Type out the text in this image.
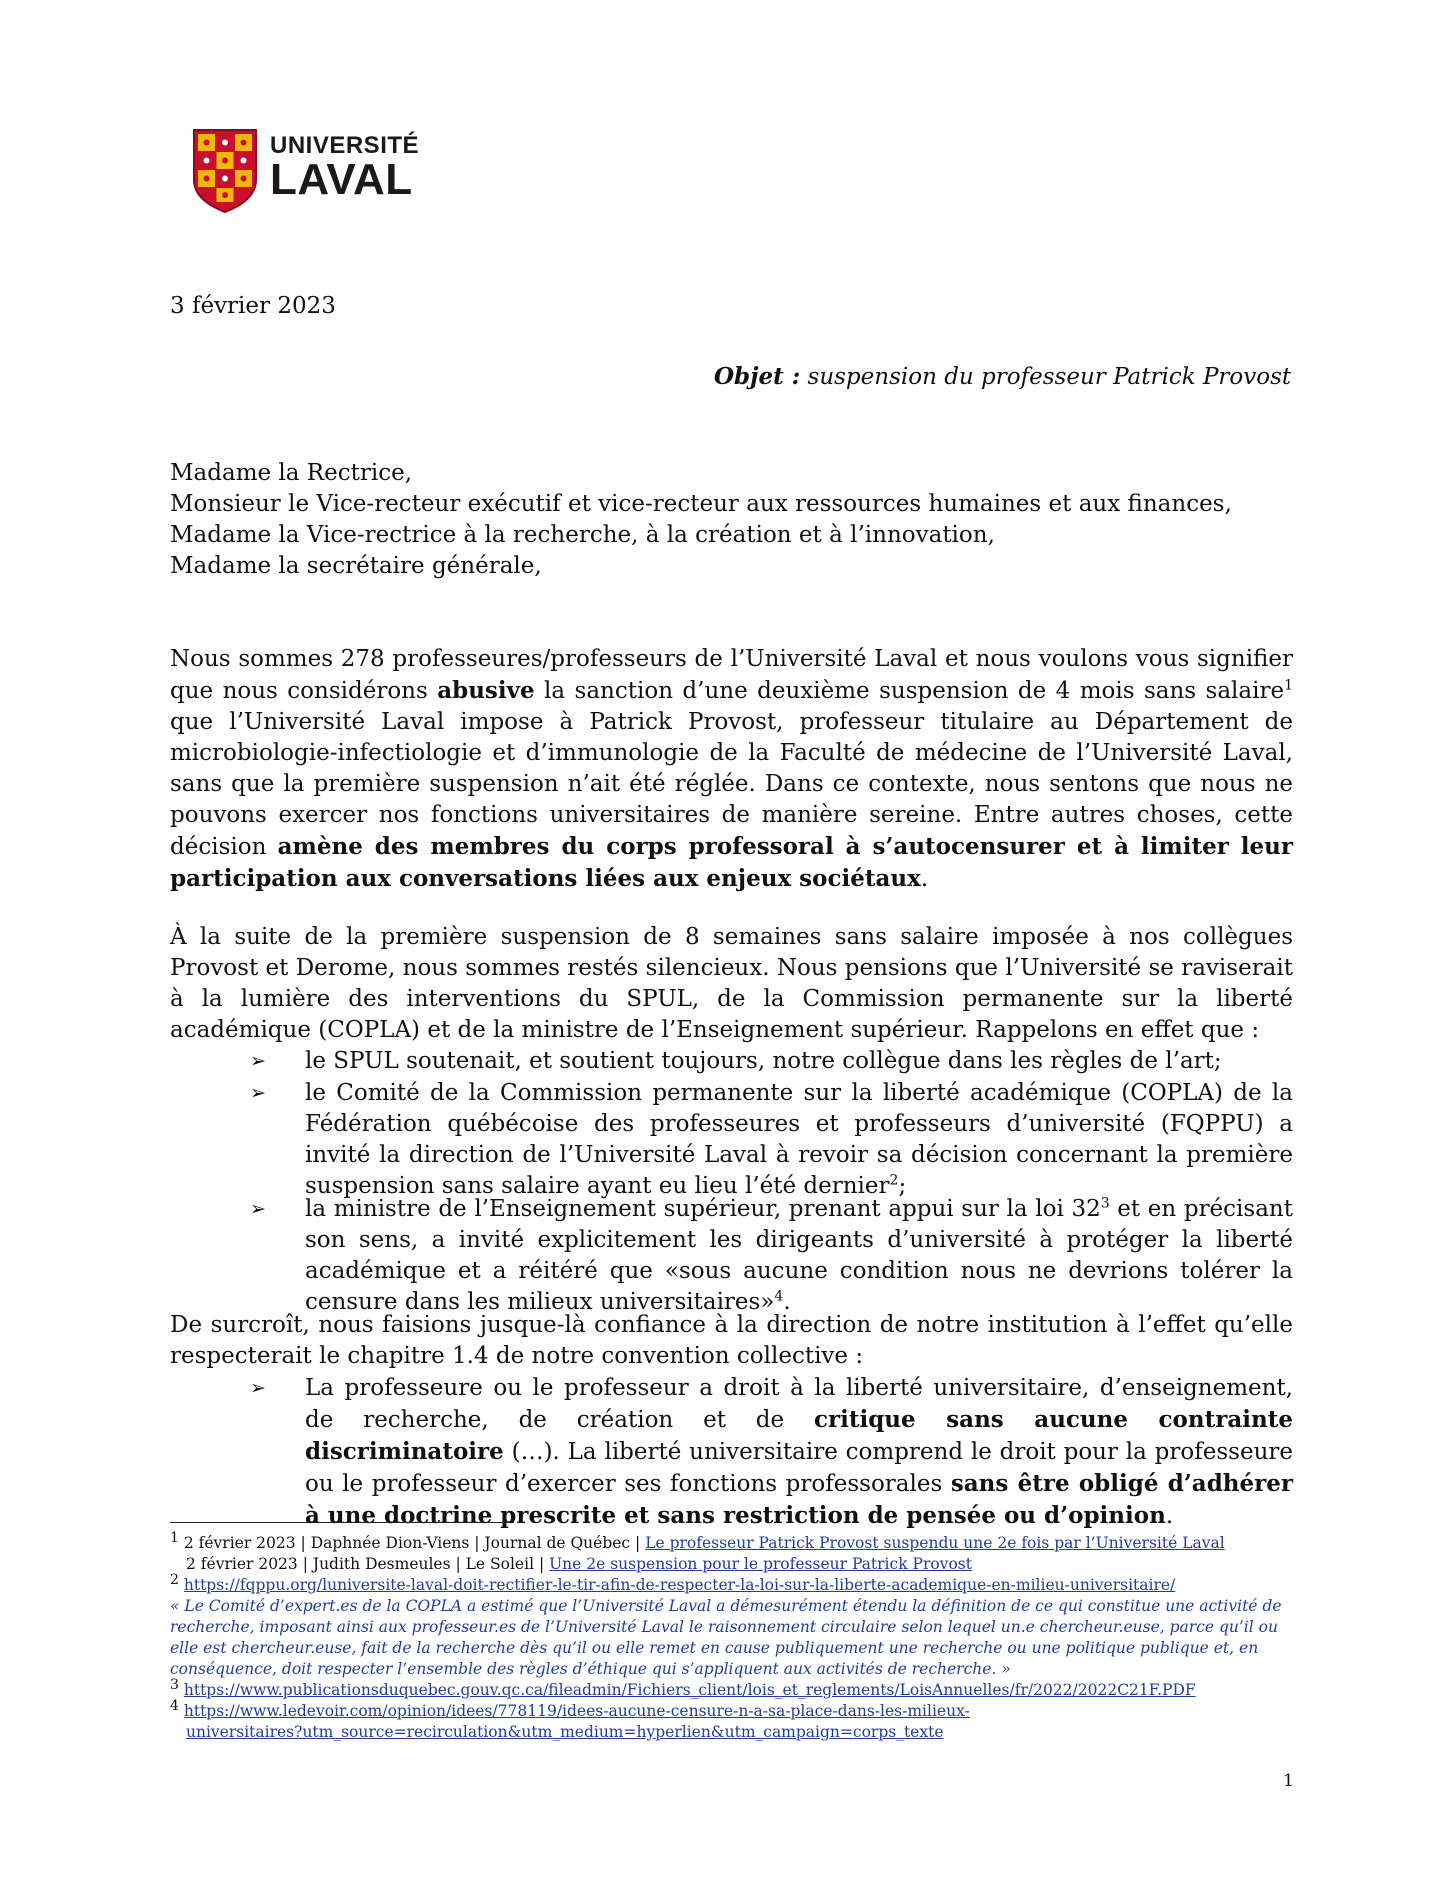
UNIVERSITÉ
LAVAL
3 février 2023
Objet : suspension du professeur Patrick Provost
Madame la Rectrice,
Monsieur le Vice-recteur exécutif et vice-recteur aux ressources humaines et aux finances,
Madame la Vice-rectrice à la recherche, à la création et à l’innovation,
Madame la secrétaire générale,
Nous sommes 278 professeures/professeurs de l’Université Laval et nous voulons vous signifier que nous considérons abusive la sanction d’une deuxième suspension de 4 mois sans salaire$^1$ que l’Université Laval impose à Patrick Provost, professeur titulaire au Département de microbiologie-infectiologie et d’immunologie de la Faculté de médecine de l’Université Laval, sans que la première suspension n’ait été réglée. Dans ce contexte, nous sentons que nous ne pouvons exercer nos fonctions universitaires de manière sereine. Entre autres choses, cette décision amène des membres du corps professoral à s’autocensurer et à limiter leur participation aux conversations liées aux enjeux sociétaux.
À la suite de la première suspension de 8 semaines sans salaire imposée à nos collègues Provost et Derome, nous sommes restés silencieux. Nous pensions que l’Université se raviserait à la lumière des interventions du SPUL, de la Commission permanente sur la liberté académique (COPLA) et de la ministre de l’Enseignement supérieur. Rappelons en effet que :
➢ le SPUL soutenait, et soutient toujours, notre collègue dans les règles de l’art;
➢ le Comité de la Commission permanente sur la liberté académique (COPLA) de la Fédération québécoise des professeures et professeurs d’université (FQPPU) a invité la direction de l’Université Laval à revoir sa décision concernant la première suspension sans salaire ayant eu lieu l’été dernier$^2$;
➢ la ministre de l’Enseignement supérieur, prenant appui sur la loi $32^3$ et en précisant son sens, a invité explicitement les dirigeants d’université à protéger la liberté académique et a réitéré que «sous aucune condition nous ne devrions tolérer la censure dans les milieux universitaires»$^4$.
De surcroît, nous faisions jusque-là confiance à la direction de notre institution à l’effet qu’elle respecterait le chapitre 1.4 de notre convention collective :
➢ La professeure ou le professeur a droit à la liberté universitaire, d’enseignement, de recherche, de création et de critique sans aucune contrainte discriminatoire (…). La liberté universitaire comprend le droit pour la professeure ou le professeur d’exercer ses fonctions professorales sans être obligé d’adhérer à une doctrine prescrite et sans restriction de pensée ou d’opinion.
$^1$ 2 février 2023 | Daphnée Dion-Viens | Journal de Québec | Le professeur Patrick Provost suspendu une 2e fois par l’Université Laval
2 février 2023 | Judith Desmeules | Le Soleil | Une 2e suspension pour le professeur Patrick Provost
$^2$ https://fqppu.org/luniversite-laval-doit-rectifier-le-tir-afin-de-respecter-la-loi-sur-la-liberte-academique-en-milieu-universitaire/
« Le Comité d’expert.es de la COPLA a estimé que l’Université Laval a démesurément étendu la définition de ce qui constitue une activité de recherche, imposant ainsi aux professeur.es de l’Université Laval le raisonnement circulaire selon lequel un.e chercheur.euse, parce qu’il ou elle est chercheur.euse, fait de la recherche dès qu’il ou elle remet en cause publiquement une recherche ou une politique publique et, en conséquence, doit respecter l’ensemble des règles d’éthique qui s’appliquent aux activités de recherche. »
$^3$ https://www.publicationsduquebec.gouv.qc.ca/fileadmin/Fichiers_client/lois_et_reglements/LoisAnnuelles/fr/2022/2022C21F.PDF
$^4$ https://www.ledevoir.com/opinion/idees/778119/idees-aucune-censure-n-a-sa-place-dans-les-milieux-
universitaires?utm_source=recirculation&utm_medium=hyperlien&utm_campaign=corps_texte
1
